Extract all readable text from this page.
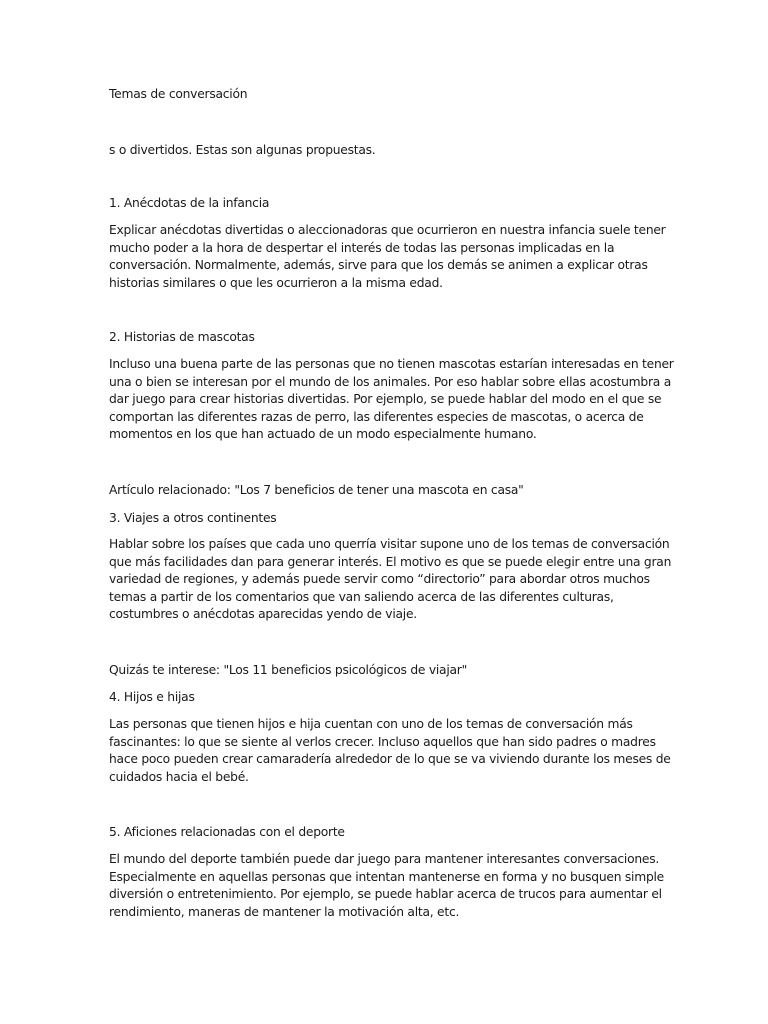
Temas de conversación

s o divertidos. Estas son algunas propuestas.

1. Anécdotas de la infancia

Explicar anécdotas divertidas o aleccionadoras que ocurrieron en nuestra infancia suele tener
mucho poder a la hora de despertar el interés de todas las personas implicadas en la
conversación. Normalmente, además, sirve para que los demás se animen a explicar otras
historias similares o que les ocurrieron a la misma edad.

2. Historias de mascotas

Incluso una buena parte de las personas que no tienen mascotas estarían interesadas en tener
una o bien se interesan por el mundo de los animales. Por eso hablar sobre ellas acostumbra a
dar juego para crear historias divertidas. Por ejemplo, se puede hablar del modo en el que se
comportan las diferentes razas de perro, las diferentes especies de mascotas, o acerca de
momentos en los que han actuado de un modo especialmente humano.

Artículo relacionado: "Los 7 beneficios de tener una mascota en casa"

3. Viajes a otros continentes

Hablar sobre los países que cada uno querría visitar supone uno de los temas de conversación
que más facilidades dan para generar interés. El motivo es que se puede elegir entre una gran
variedad de regiones, y además puede servir como “directorio” para abordar otros muchos
temas a partir de los comentarios que van saliendo acerca de las diferentes culturas,
costumbres o anécdotas aparecidas yendo de viaje.

Quizás te interese: "Los 11 beneficios psicológicos de viajar"

4. Hijos e hijas

Las personas que tienen hijos e hija cuentan con uno de los temas de conversación más
fascinantes: lo que se siente al verlos crecer. Incluso aquellos que han sido padres o madres
hace poco pueden crear camaradería alrededor de lo que se va viviendo durante los meses de
cuidados hacia el bebé.

5. Aficiones relacionadas con el deporte

El mundo del deporte también puede dar juego para mantener interesantes conversaciones.
Especialmente en aquellas personas que intentan mantenerse en forma y no busquen simple
diversión o entretenimiento. Por ejemplo, se puede hablar acerca de trucos para aumentar el
rendimiento, maneras de mantener la motivación alta, etc.
